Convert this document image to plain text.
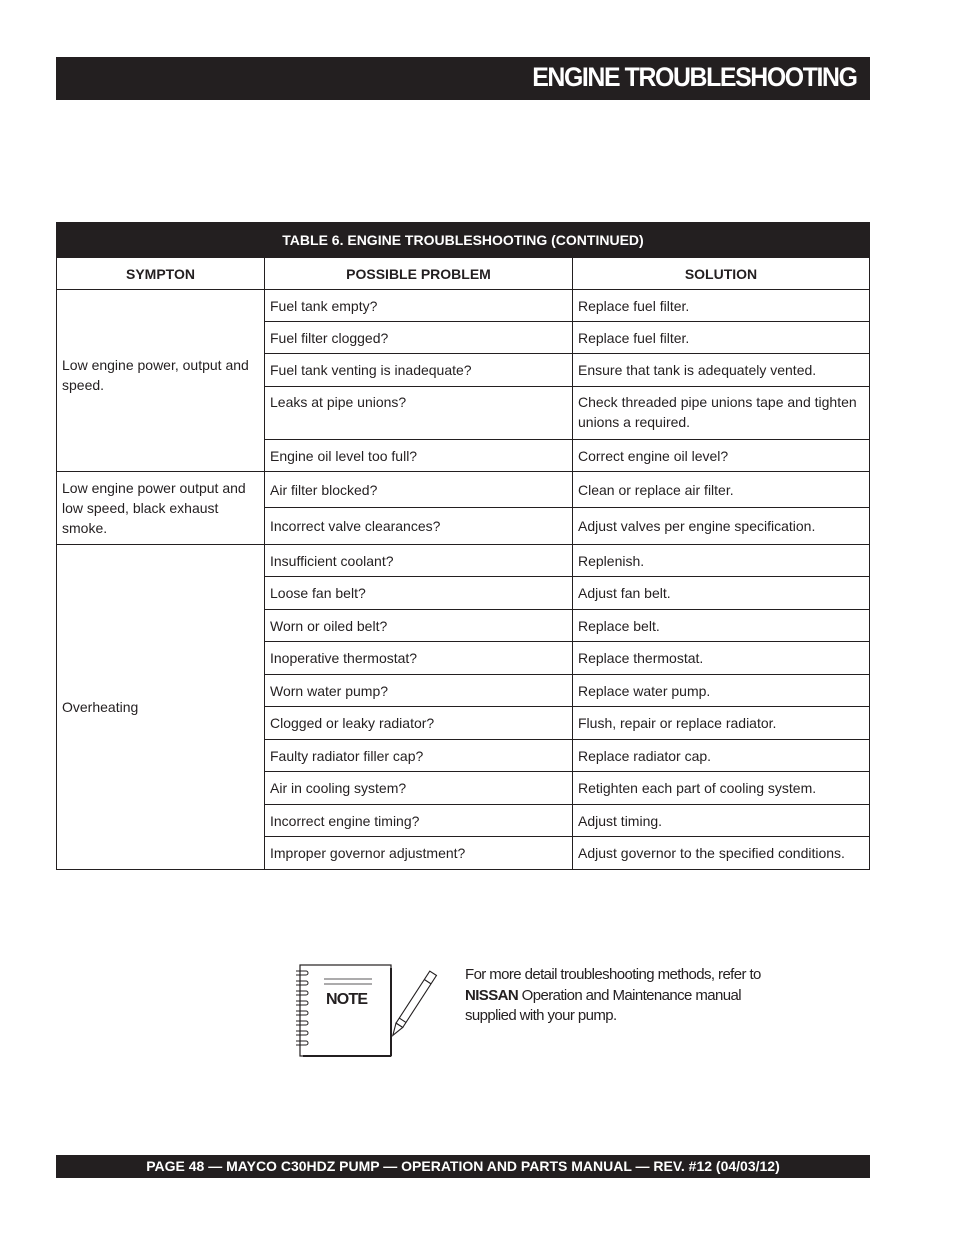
ENGINE TROUBLESHOOTING
TABLE 6. ENGINE TROUBLESHOOTING (CONTINUED)		
SYMPTON	POSSIBLE PROBLEM	SOLUTION
Low engine power, output and speed.	Fuel tank empty?	Replace fuel filter.
	Fuel filter clogged?	Replace fuel filter.
	Fuel tank venting is inadequate?	Ensure that tank is adequately vented.
	Leaks at pipe unions?	Check threaded pipe unions tape and tighten unions a required.
	Engine oil level too full?	Correct engine oil level?
Low engine power output and low speed, black exhaust smoke.	Air filter blocked?	Clean or replace air filter.
	Incorrect valve clearances?	Adjust valves per engine specification.
Overheating	Insufficient coolant?	Replenish.
	Loose fan belt?	Adjust fan belt.
	Worn or oiled belt?	Replace belt.
	Inoperative thermostat?	Replace thermostat.
	Worn water pump?	Replace water pump.
	Clogged or leaky radiator?	Flush, repair or replace radiator.
	Faulty radiator filler cap?	Replace radiator cap.
	Air in cooling system?	Retighten each part of cooling system.
	Incorrect engine timing?	Adjust timing.
	Improper governor adjustment?	Adjust governor to the specified conditions.
NOTE
For more detail troubleshooting methods, refer to NISSAN Operation and Maintenance manual supplied with your pump.
PAGE 48 — MAYCO C30HDZ PUMP — OPERATION AND PARTS MANUAL — REV. #12 (04/03/12)
